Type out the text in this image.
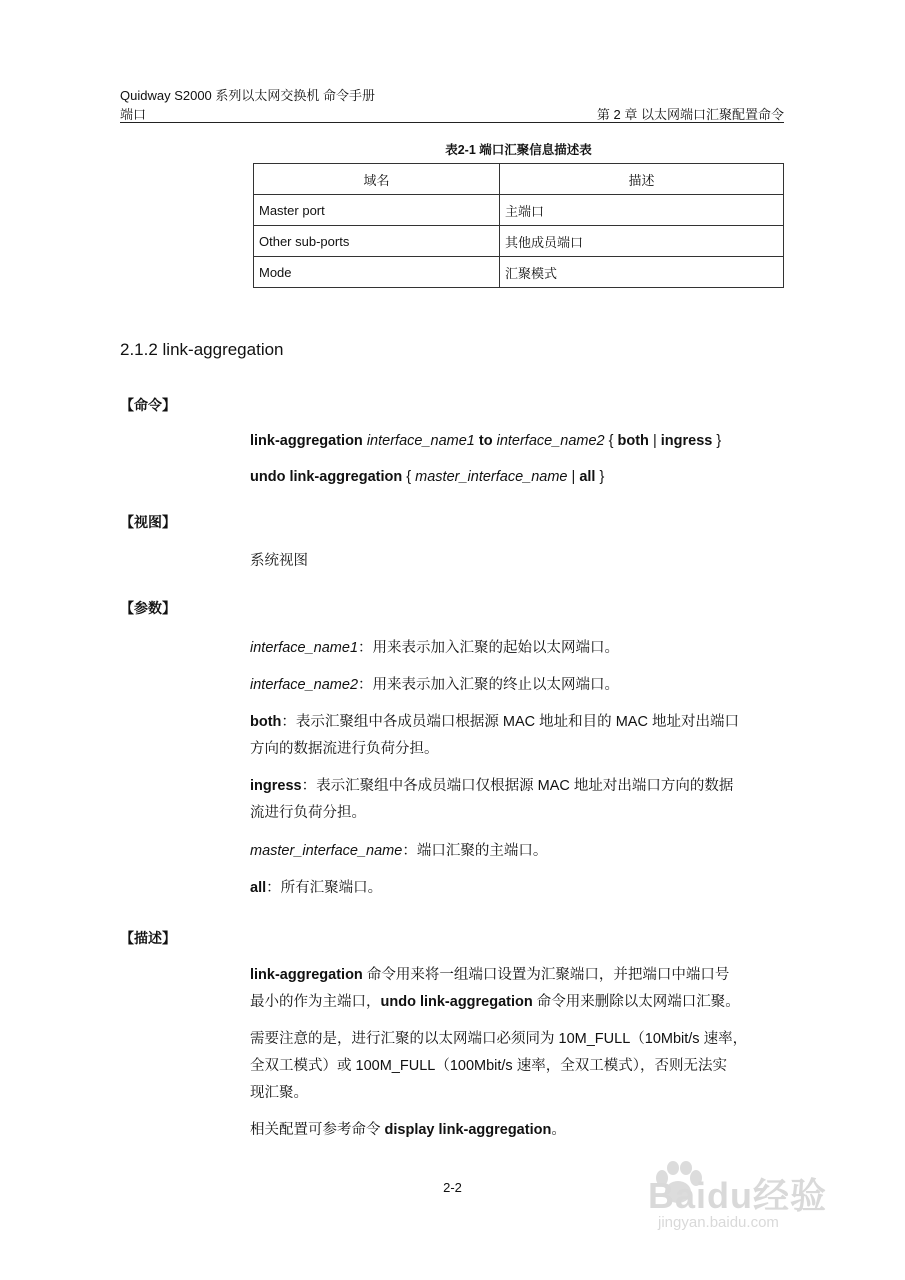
Quidway S2000 系列以太网交换机 命令手册
端口	第 2 章 以太网端口汇聚配置命令
表2-1 端口汇聚信息描述表
域名	描述
Master port	主端口
Other sub-ports	其他成员端口
Mode	汇聚模式
2.1.2 link-aggregation
【命令】
link-aggregation interface_name1 to interface_name2 { both | ingress }
undo link-aggregation { master_interface_name | all }
【视图】
系统视图
【参数】
interface_name1：用来表示加入汇聚的起始以太网端口。
interface_name2：用来表示加入汇聚的终止以太网端口。
both：表示汇聚组中各成员端口根据源 MAC 地址和目的 MAC 地址对出端口
方向的数据流进行负荷分担。
ingress：表示汇聚组中各成员端口仅根据源 MAC 地址对出端口方向的数据
流进行负荷分担。
master_interface_name：端口汇聚的主端口。
all：所有汇聚端口。
【描述】
link-aggregation 命令用来将一组端口设置为汇聚端口，并把端口中端口号
最小的作为主端口，undo link-aggregation 命令用来删除以太网端口汇聚。
需要注意的是，进行汇聚的以太网端口必须同为 10M_FULL（10Mbit/s 速率，
全双工模式）或 100M_FULL（100Mbit/s 速率，全双工模式），否则无法实
现汇聚。
相关配置可参考命令 display link-aggregation。
2-2	Baidu经验
jingyan.baidu.com
